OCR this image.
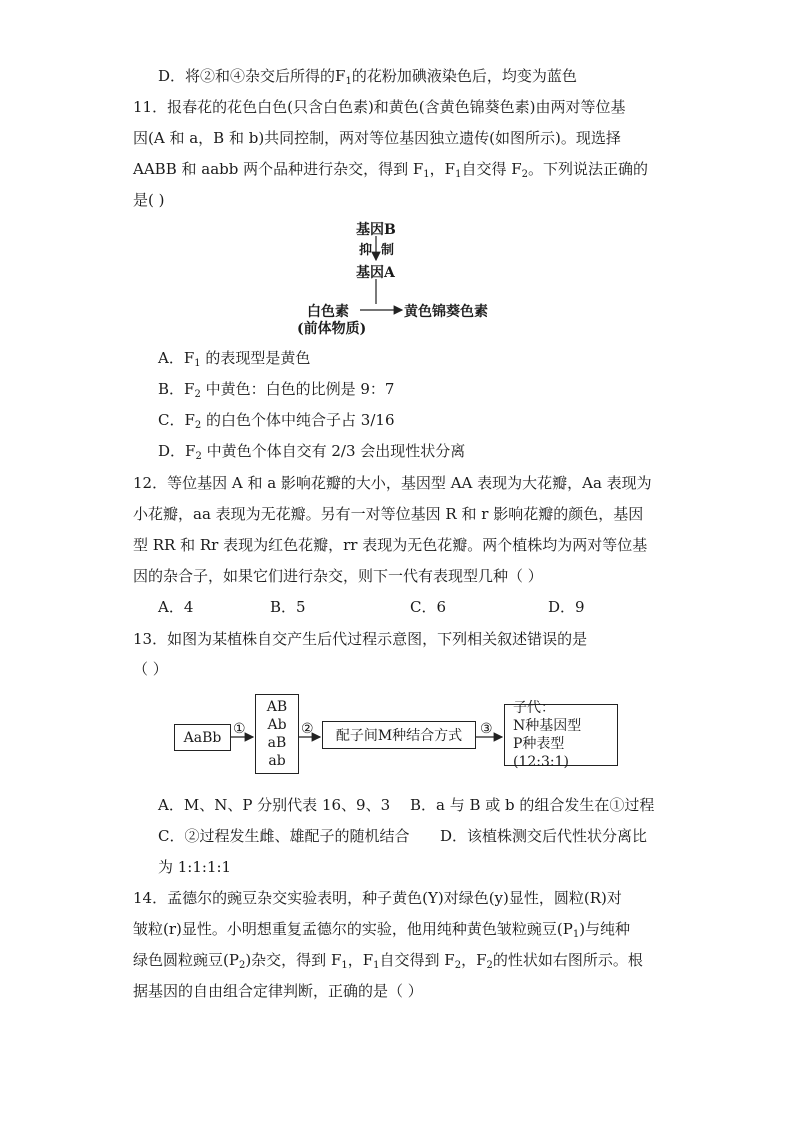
D．将②和④杂交后所得的$F_1$的花粉加碘液染色后，均变为蓝色
11．报春花的花色白色(只含白色素)和黄色(含黄色锦葵色素)由两对等位基
因(A 和 a，B 和 b)共同控制，两对等位基因独立遗传(如图所示)。现选择
AABB 和 aabb 两个品种进行杂交，得到 $F_1$，$F_1$自交得 $F_2$。下列说法正确的
是( )
基因B
抑 制
基因A
白色素
(前体物质)
黄色锦葵色素
A．$F_1$ 的表现型是黄色
B．$F_2$ 中黄色：白色的比例是 9：7
C．$F_2$ 的白色个体中纯合子占 3/16
D．$F_2$ 中黄色个体自交有 2/3 会出现性状分离
12．等位基因 A 和 a 影响花瓣的大小，基因型 AA 表现为大花瓣，Aa 表现为
小花瓣，aa 表现为无花瓣。另有一对等位基因 R 和 r 影响花瓣的颜色，基因
型 RR 和 Rr 表现为红色花瓣，rr 表现为无色花瓣。两个植株均为两对等位基
因的杂合子，如果它们进行杂交，则下一代有表现型几种（ ）
A．4	B．5	C．6	D．9
13．如图为某植株自交产生后代过程示意图，下列相关叙述错误的是
（ ）
AaBb
①
AB
Ab
aB
ab
② 配子间M种结合方式 ③
子代：
N种基因型
P种表型(12:3:1)
A．M、N、P 分别代表 16、9、3 B．a 与 B 或 b 的组合发生在①过程
C．②过程发生雌、雄配子的随机结合 D．该植株测交后代性状分离比
为 1:1:1:1
14．孟德尔的豌豆杂交实验表明，种子黄色(Y)对绿色(y)显性，圆粒(R)对
皱粒(r)显性。小明想重复孟德尔的实验，他用纯种黄色皱粒豌豆$(P_1)$与纯种
绿色圆粒豌豆$(P_2)$杂交，得到 $F_1$，$F_1$自交得到 $F_2$，$F_2$的性状如右图所示。根
据基因的自由组合定律判断，正确的是（ ）
